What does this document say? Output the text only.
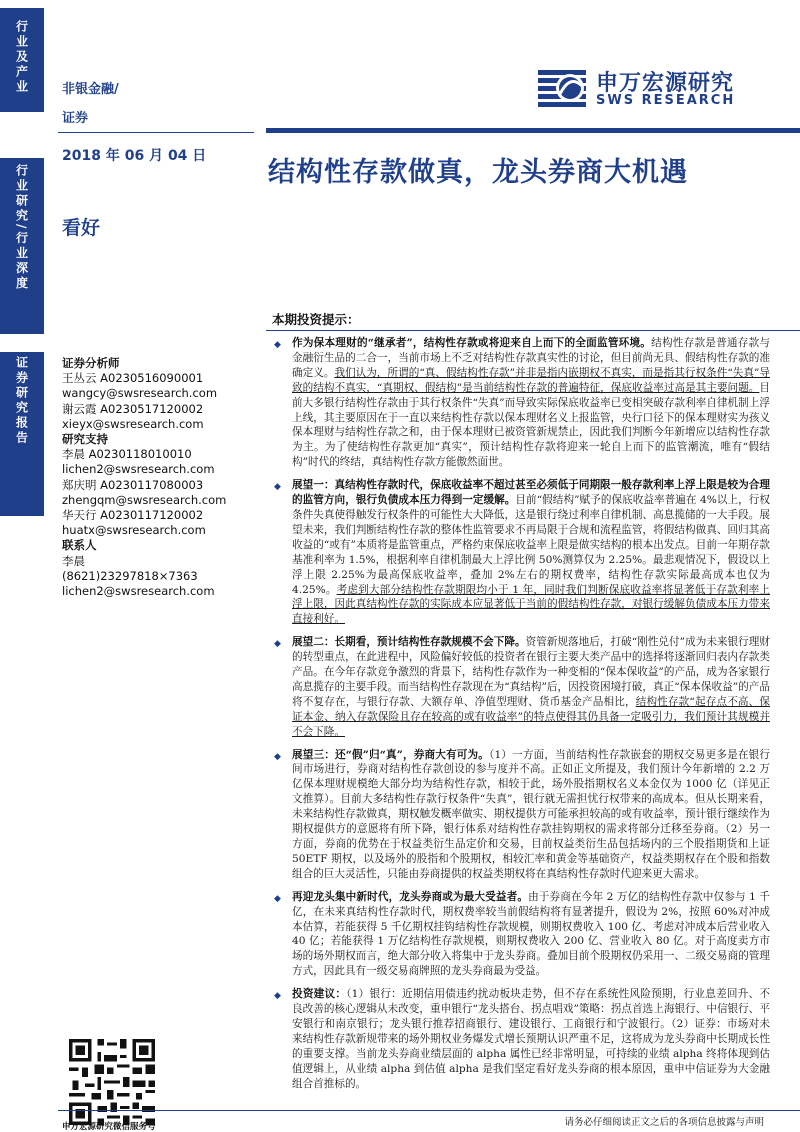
行业及产业
行业研究/行业深度
证券研究报告
非银金融/
证券
申万宏源研究
SWS RESEARCH
2018 年 06 月 04 日
结构性存款做真，龙头券商大机遇
看好
证券分析师
王丛云 A0230516090001
wangcy@swsresearch.com
谢云霞 A0230517120002
xieyx@swsresearch.com
研究支持
李晨 A0230118010010
lichen2@swsresearch.com
郑庆明 A0230117080003
zhengqm@swsresearch.com
华天行 A0230117120002
huatx@swsresearch.com
联系人
李晨
(8621)23297818×7363
lichen2@swsresearch.com
申万宏源研究微信服务号
本期投资提示：
◆ 作为保本理财的“继承者”，结构性存款或将迎来自上而下的全面监管环境。结构性存款是普通存款与金融衍生品的二合一，当前市场上不乏对结构性存款真实性的讨论，但目前尚无具、假结构性存款的准确定义。我们认为，所谓的“真、假结构性存款”并非是指内嵌期权不真实，而是指其行权条件“失真”导致的结构不真实，“真期权、假结构”是当前结构性存款的普遍特征，保底收益率过高是其主要问题。目前大多银行结构性存款由于其行权条件“失真”而导致实际保底收益率已变相突破存款利率自律机制上浮上线，其主要原因在于一直以来结构性存款以保本理财名义上报监管，央行口径下的保本理财实为孩义保本理财与结构性存款之和，由于保本理财已被资管新规禁止，因此我们判断今年新增应以结构性存款为主。为了使结构性存款更加“真实”，预计结构性存款将迎来一轮自上而下的监管潮流，唯有“假结构”时代的终结，真结构性存款方能傲然面世。
◆ 展望一：真结构性存款时代，保底收益率不超过甚至必须低于同期限一般存款利率上浮上限是较为合理的监管方向，银行负债成本压力得到一定缓解。目前“假结构”赋予的保底收益率普遍在 4%以上，行权条件失真使得触发行权条件的可能性大大降低，这是银行绕过利率自律机制、高息揽储的一大手段。展望未来，我们判断结构性存款的整体性监管要求不再局限于合规和流程监管，将假结构做真、回归其高收益的“或有”本质将是监管重点，严格约束保底收益率上限是做实结构的根本出发点。目前一年期存款基准利率为 1.5%，根据利率自律机制最大上浮比例 50%测算仅为 2.25%。最悲观情况下，假设以上浮上限 2.25%为最高保底收益率，叠加 2%左右的期权费率，结构性存款实际最高成本也仅为 4.25%。考虑到大部分结构性存款期限均小于 1 年，同时我们判断保底收益率将显著低于存款利率上浮上限，因此真结构性存款的实际成本应显著低于当前的假结构性存款，对银行缓解负债成本压力带来直接利好。
◆ 展望二：长期看，预计结构性存款规模不会下降。资管新规落地后，打破“刚性兑付”成为未来银行理财的转型重点，在此进程中，风险偏好较低的投资者在银行主要大类产品中的选择将逐渐回归表内存款类产品。在今年存款竞争激烈的背景下，结构性存款作为一种变相的“保本保收益”的产品，成为各家银行高息揽存的主要手段。而当结构性存款现在为“真结构”后，因投资困境打破，真正“保本保收益”的产品将不复存在，与银行存款、大额存单、净值型理财、货币基金产品相比，结构性存款“起存点不高、保证本金、纳入存款保险且存在较高的或有收益率”的特点使得其仍具备一定吸引力，我们预计其规模并不会下降。
◆ 展望三：还“假”归“真”，券商大有可为。（1）一方面，当前结构性存款嵌套的期权交易更多是在银行间市场进行，券商对结构性存款创设的参与度并不高。正如正文所提及，我们预计今年新增的 2.2 万亿保本理财规模绝大部分均为结构性存款，相较于此，场外股指期权名义本金仅为 1000 亿（详见正文推算）。目前大多结构性存款行权条件“失真”，银行就无需担忧行权带来的高成本。但从长期来看，未来结构性存款做真，期权触发概率做实、期权提供方可能承担较高的或有收益率，预计银行继续作为期权提供方的意愿将有所下降，银行体系对结构性存款挂钩期权的需求将部分迁移至券商。（2）另一方面，券商的优势在于权益类衍生品定价和交易，目前权益类衍生品包括场内的三个股指期货和上证 50ETF 期权，以及场外的股指和个股期权，相较汇率和黄金等基础资产，权益类期权存在个股和指数组合的巨大灵活性，只能由券商提供的权益类期权将在真结构性存款时代迎来更大需求。
◆ 再迎龙头集中新时代，龙头券商或为最大受益者。由于券商在今年 2 万亿的结构性存款中仅参与 1 千亿，在未来真结构性存款时代，期权费率较当前假结构将有显著提升，假设为 2%，按照 60%对冲成本估算，若能获得 5 千亿期权挂钩结构性存款规模，则期权费收入 100 亿、考虑对冲成本后营业收入 40 亿；若能获得 1 万亿结构性存款规模，则期权费收入 200 亿、营业收入 80 亿。对于高度卖方市场的场外期权而言，绝大部分收入将集中于龙头券商。叠加目前个股期权仍采用一、二级交易商的管理方式，因此具有一级交易商牌照的龙头券商最为受益。
◆ 投资建议：（1）银行：近期信用债违约扰动板块走势，但不存在系统性风险预期，行业息差回升、不良改善的核心逻辑从未改变，重申银行“龙头搭台、拐点唱戏”策略：拐点首选上海银行、中信银行、平安银行和南京银行；龙头银行推荐招商银行、建设银行、工商银行和宁波银行。（2）证券：市场对未来结构性存款新规带来的场外期权业务爆发式增长预期认识严重不足，这将成为龙头券商中长期成长性的重要支撑。当前龙头券商业绩层面的 alpha 属性已经非常明显，可持续的业绩 alpha 终将体现到估值逻辑上，从业绩 alpha 到估值 alpha 是我们坚定看好龙头券商的根本原因，重申中信证券为大金融组合首推标的。
请务必仔细阅读正文之后的各项信息披露与声明
